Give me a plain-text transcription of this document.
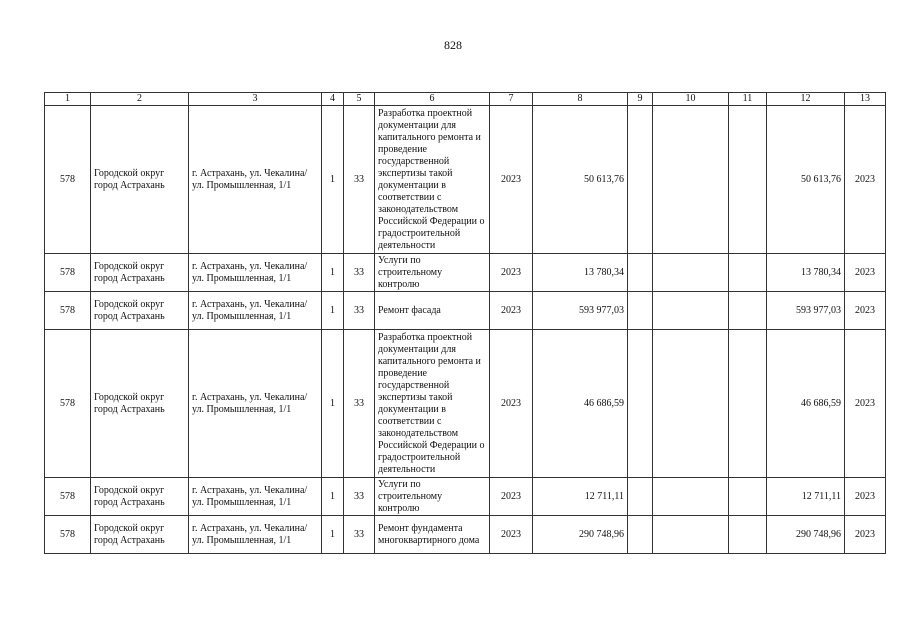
828
1	2	3	4	5	6	7	8	9	10	11	12	13
578	Городской округ город Астрахань	г. Астрахань, ул. Чекалина/ ул. Промышленная, 1/1	1	33	Разработка проектной документации для капитального ремонта и проведение государственной экспертизы такой документации в соответствии с законодательством Российской Федерации о градостроительной деятельности	2023	50 613,76				50 613,76	2023
578	Городской округ город Астрахань	г. Астрахань, ул. Чекалина/ ул. Промышленная, 1/1	1	33	Услуги по строительному контролю	2023	13 780,34				13 780,34	2023
578	Городской округ город Астрахань	г. Астрахань, ул. Чекалина/ ул. Промышленная, 1/1	1	33	Ремонт фасада	2023	593 977,03				593 977,03	2023
578	Городской округ город Астрахань	г. Астрахань, ул. Чекалина/ ул. Промышленная, 1/1	1	33	Разработка проектной документации для капитального ремонта и проведение государственной экспертизы такой документации в соответствии с законодательством Российской Федерации о градостроительной деятельности	2023	46 686,59				46 686,59	2023
578	Городской округ город Астрахань	г. Астрахань, ул. Чекалина/ ул. Промышленная, 1/1	1	33	Услуги по строительному контролю	2023	12 711,11				12 711,11	2023
578	Городской округ город Астрахань	г. Астрахань, ул. Чекалина/ ул. Промышленная, 1/1	1	33	Ремонт фундамента многоквартирного дома	2023	290 748,96				290 748,96	2023
